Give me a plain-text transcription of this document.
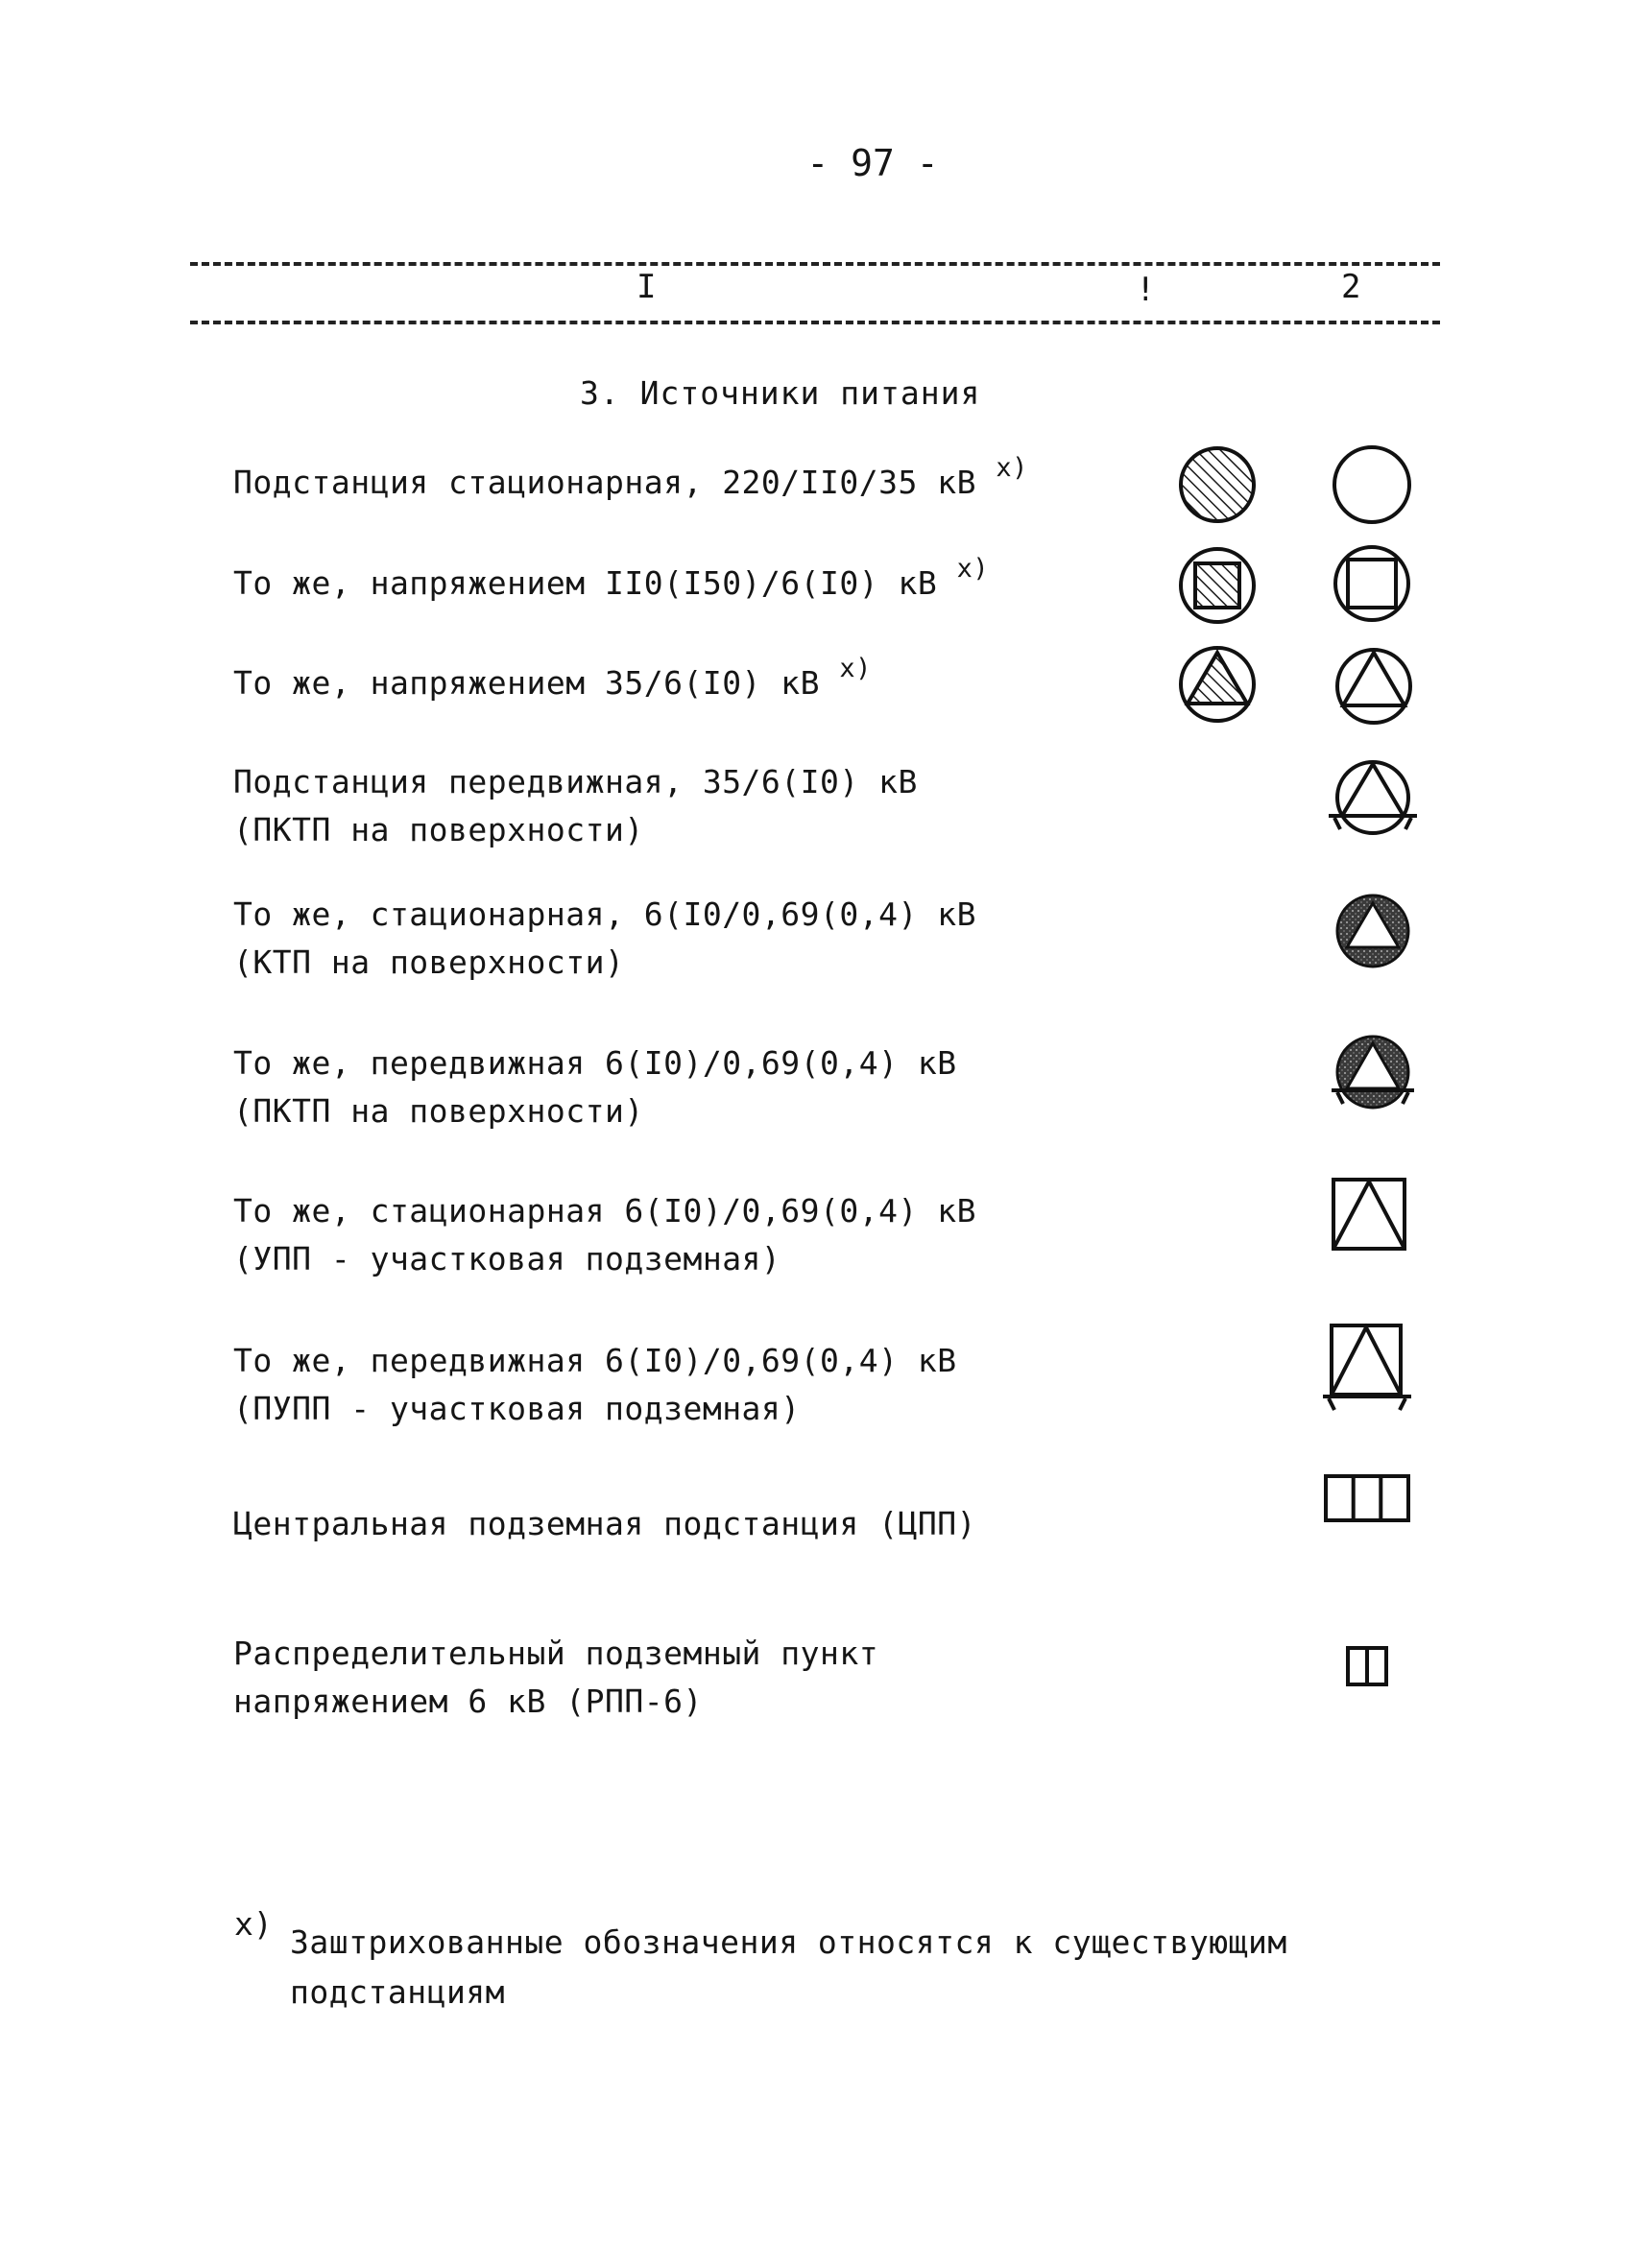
- 97 -
I	!	2
3. Источники питания
Подстанция стационарная, 220/II0/35 кВ $^{x)}$
То же, напряжением II0(I50)/6(I0) кВ $^{x)}$
То же, напряжением 35/6(I0) кВ $^{x)}$
Подстанция передвижная, 35/6(I0) кВ
(ПКТП на поверхности)
То же, стационарная, 6(I0/0,69(0,4) кВ
(КТП на поверхности)
То же, передвижная 6(I0)/0,69(0,4) кВ
(ПКТП на поверхности)
То же, стационарная 6(I0)/0,69(0,4) кВ
(УПП - участковая подземная)
То же, передвижная 6(I0)/0,69(0,4) кВ
(ПУПП - участковая подземная)
Центральная подземная подстанция (ЦПП)
Распределительный подземный пункт
напряжением 6 кВ (РПП-6)
x) Заштрихованные обозначения относятся к существующим
подстанциям
